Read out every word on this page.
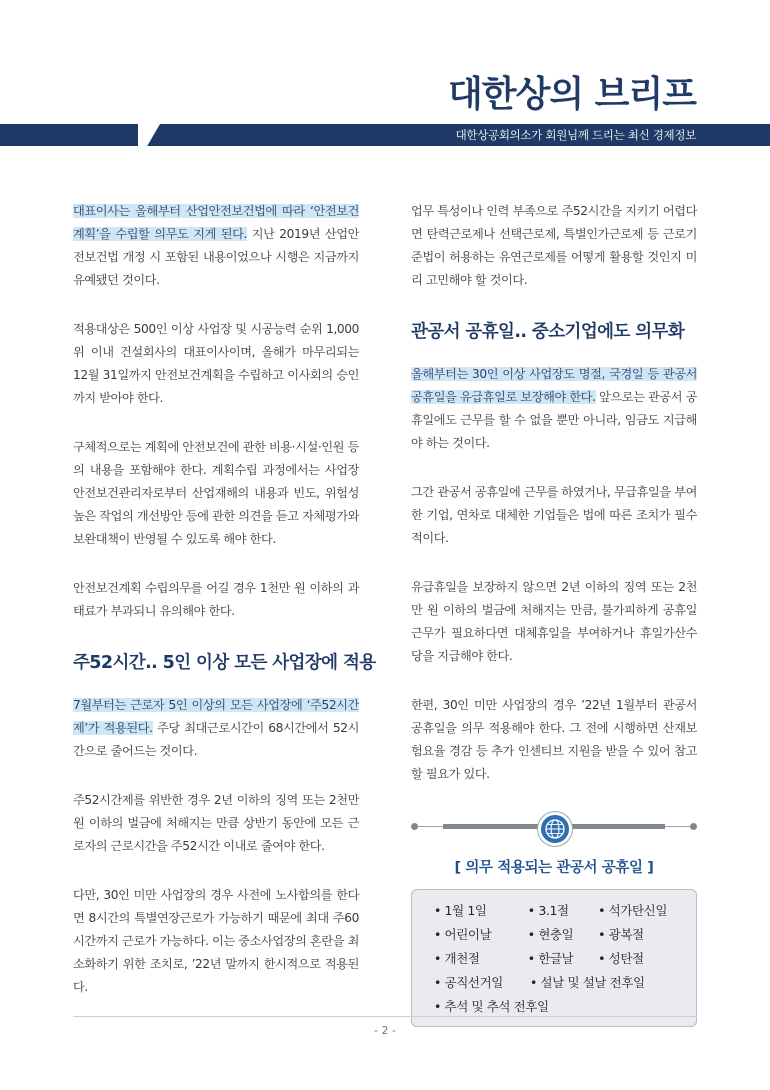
대한상의 브리프
대한상공회의소가 회원님께 드리는 최신 경제정보

대표이사는 올해부터 산업안전보건법에 따라 ‘안전보건계획’을 수립할 의무도 지게 된다. 지난 2019년 산업안전보건법 개정 시 포함된 내용이었으나 시행은 지금까지 유예됐던 것이다.

적용대상은 500인 이상 사업장 및 시공능력 순위 1,000위 이내 건설회사의 대표이사이며, 올해가 마무리되는 12월 31일까지 안전보건계획을 수립하고 이사회의 승인까지 받아야 한다.

구체적으로는 계획에 안전보건에 관한 비용·시설·인원 등의 내용을 포함해야 한다. 계획수립 과정에서는 사업장 안전보건관리자로부터 산업재해의 내용과 빈도, 위험성 높은 작업의 개선방안 등에 관한 의견을 듣고 자체평가와 보완대책이 반영될 수 있도록 해야 한다.

안전보건계획 수립의무를 어길 경우 1천만 원 이하의 과태료가 부과되니 유의해야 한다.

주52시간.. 5인 이상 모든 사업장에 적용

7월부터는 근로자 5인 이상의 모든 사업장에 ‘주52시간제’가 적용된다. 주당 최대근로시간이 68시간에서 52시간으로 줄어드는 것이다.

주52시간제를 위반한 경우 2년 이하의 징역 또는 2천만 원 이하의 벌금에 처해지는 만큼 상반기 동안에 모든 근로자의 근로시간을 주52시간 이내로 줄여야 한다.

다만, 30인 미만 사업장의 경우 사전에 노사합의를 한다면 8시간의 특별연장근로가 가능하기 때문에 최대 주60시간까지 근로가 가능하다. 이는 중소사업장의 혼란을 최소화하기 위한 조치로, ’22년 말까지 한시적으로 적용된다.

업무 특성이나 인력 부족으로 주52시간을 지키기 어렵다면 탄력근로제나 선택근로제, 특별인가근로제 등 근로기준법이 허용하는 유연근로제를 어떻게 활용할 것인지 미리 고민해야 할 것이다.

관공서 공휴일.. 중소기업에도 의무화

올해부터는 30인 이상 사업장도 명절, 국경일 등 관공서 공휴일을 유급휴일로 보장해야 한다. 앞으로는 관공서 공휴일에도 근무를 할 수 없을 뿐만 아니라, 임금도 지급해야 하는 것이다.

그간 관공서 공휴일에 근무를 하였거나, 무급휴일을 부여한 기업, 연차로 대체한 기업들은 법에 따른 조치가 필수적이다.

유급휴일을 보장하지 않으면 2년 이하의 징역 또는 2천만 원 이하의 벌금에 처해지는 만큼, 불가피하게 공휴일 근무가 필요하다면 대체휴일을 부여하거나 휴일가산수당을 지급해야 한다.

한편, 30인 미만 사업장의 경우 ’22년 1월부터 관공서 공휴일을 의무 적용해야 한다. 그 전에 시행하면 산재보험요율 경감 등 추가 인센티브 지원을 받을 수 있어 참고할 필요가 있다.

[ 의무 적용되는 관공서 공휴일 ]
• 1월 1일	• 3.1절	• 석가탄신일
• 어린이날	• 현충일	• 광복절
• 개천절	• 한글날	• 성탄절
• 공직선거일	• 설날 및 설날 전후일
• 추석 및 추석 전후일
- 2 -
